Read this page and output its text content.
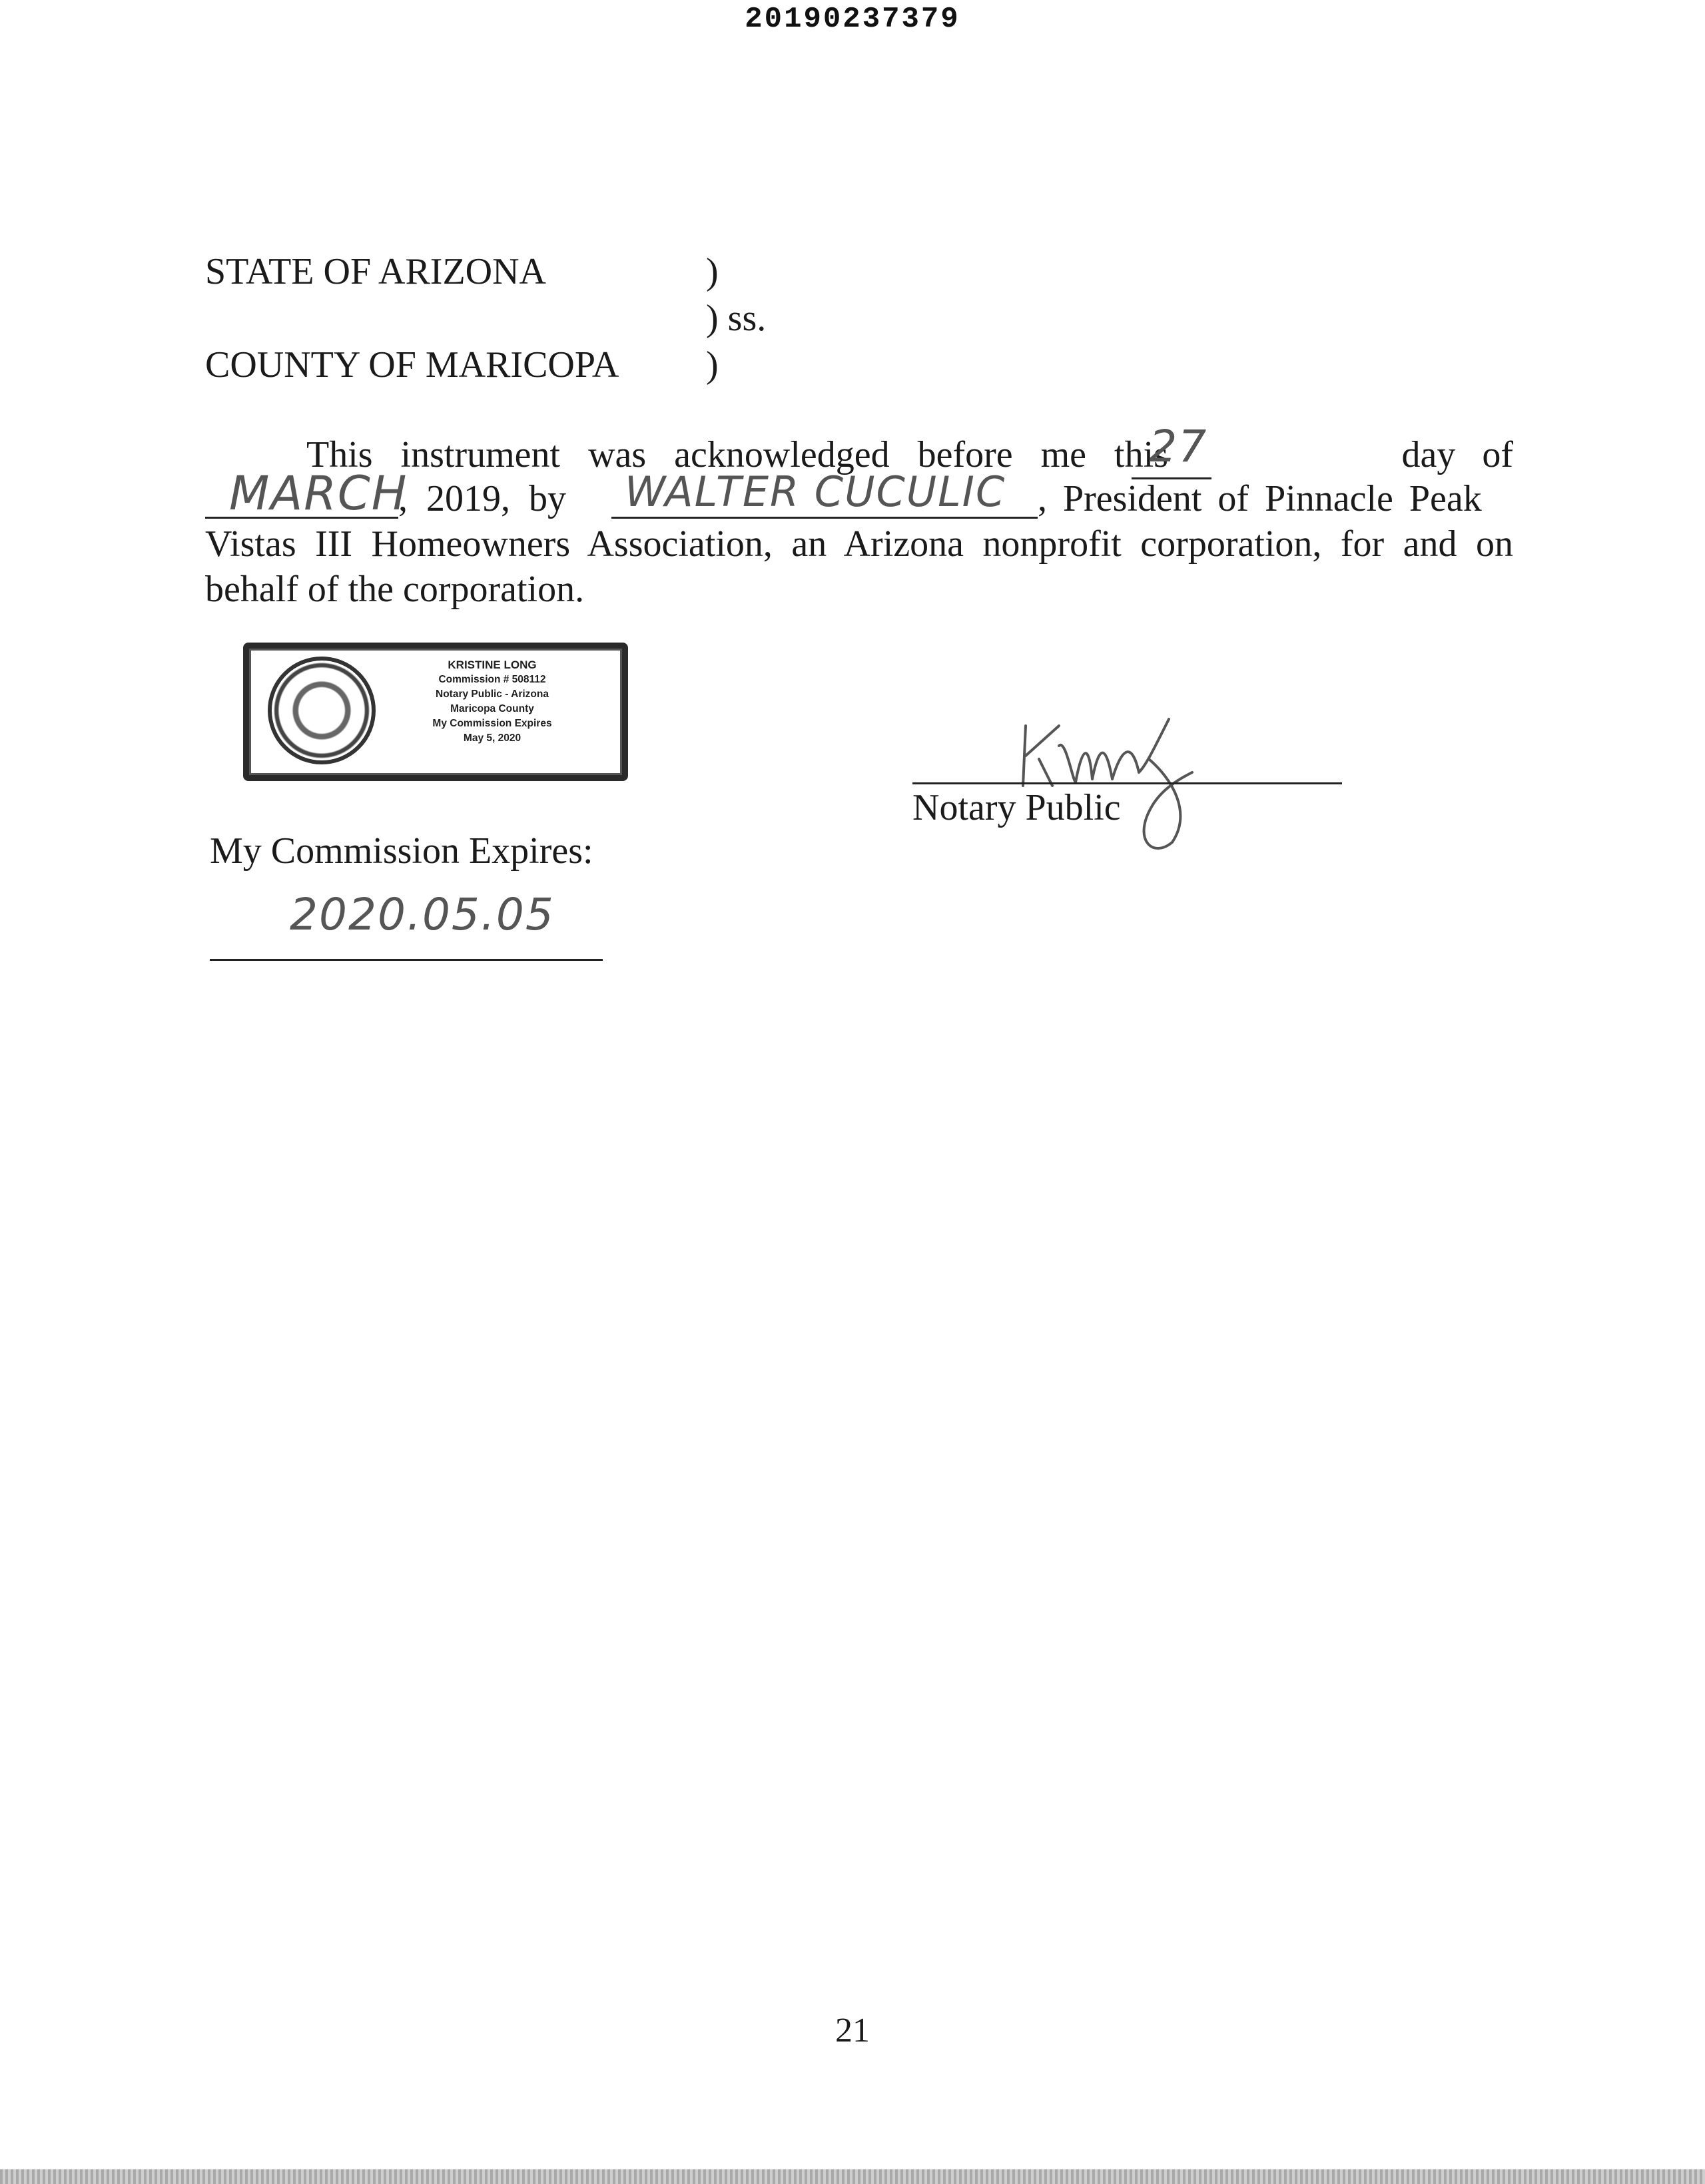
20190237379
STATE OF ARIZONA	)
) ss.
COUNTY OF MARICOPA )
This instrument was acknowledged before me this
27	day of
MARCH
, 2019, by WALTER CUCULIC , President of Pinnacle Peak
Vistas III Homeowners Association, an Arizona nonprofit corporation, for and on
behalf of the corporation.
KRISTINE LONG
Commission # 508112
Notary Public - Arizona
Maricopa County
My Commission Expires
May 5, 2020
Notary Public
My Commission Expires:
2020.05.05
21
